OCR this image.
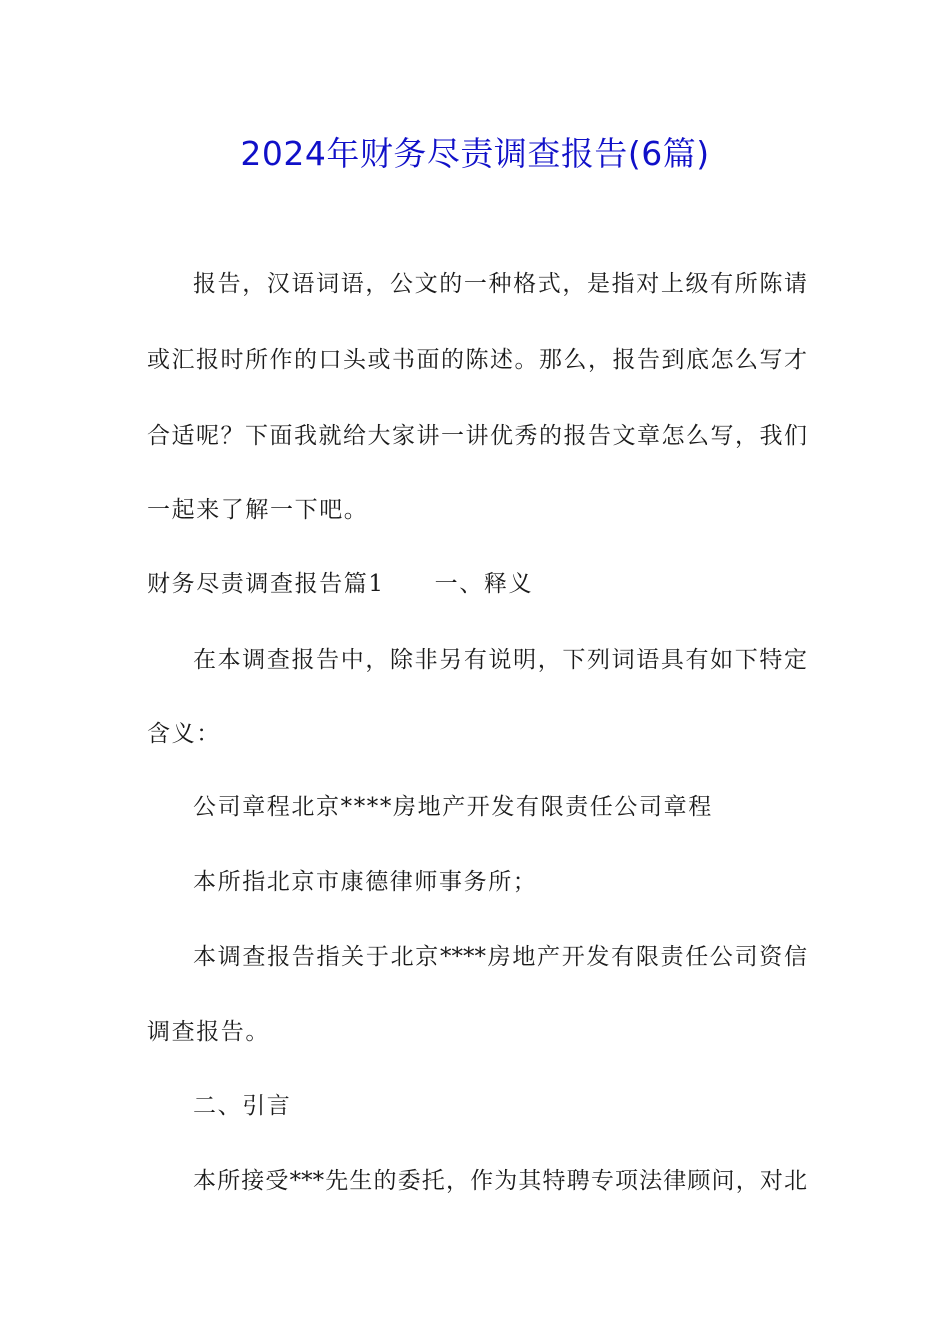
2024年财务尽责调查报告(6篇)
报告，汉语词语，公文的一种格式，是指对上级有所陈请
或汇报时所作的口头或书面的陈述。那么，报告到底怎么写才
合适呢？下面我就给大家讲一讲优秀的报告文章怎么写，我们
一起来了解一下吧。
财务尽责调查报告篇1 一、释义
在本调查报告中，除非另有说明，下列词语具有如下特定
含义：
公司章程北京****房地产开发有限责任公司章程
本所指北京市康德律师事务所；
本调查报告指关于北京****房地产开发有限责任公司资信
调查报告。
二、引言
本所接受***先生的委托，作为其特聘专项法律顾问，对北
